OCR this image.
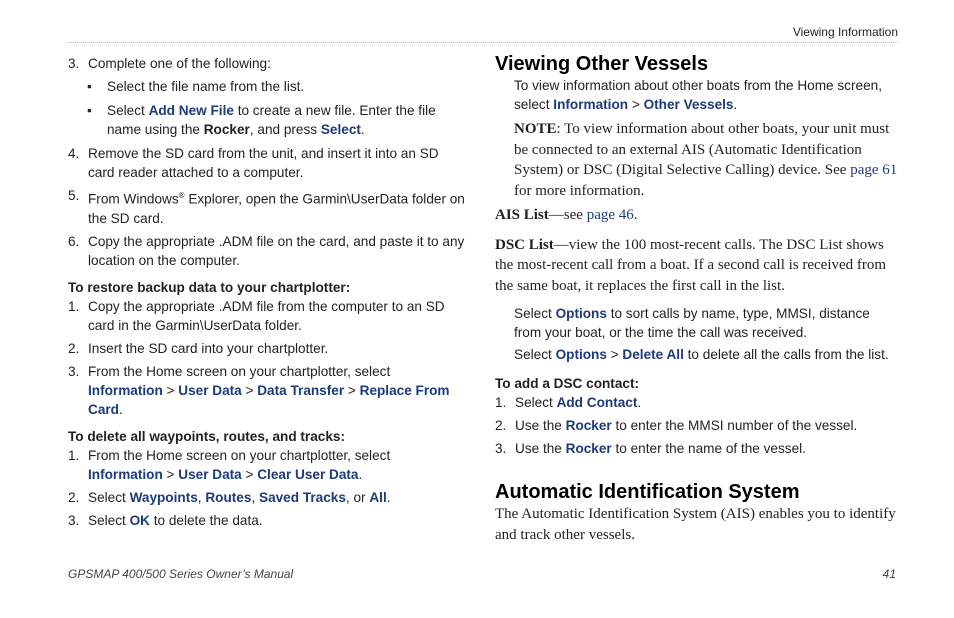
Viewing Information
3. Complete one of the following:
• Select the file name from the list.
• Select Add New File to create a new file. Enter the file name using the Rocker, and press Select.
4. Remove the SD card from the unit, and insert it into an SD card reader attached to a computer.
5. From Windows® Explorer, open the Garmin\UserData folder on the SD card.
6. Copy the appropriate .ADM file on the card, and paste it to any location on the computer.
To restore backup data to your chartplotter:
1. Copy the appropriate .ADM file from the computer to an SD card in the Garmin\UserData folder.
2. Insert the SD card into your chartplotter.
3. From the Home screen on your chartplotter, select Information > User Data > Data Transfer > Replace From Card.
To delete all waypoints, routes, and tracks:
1. From the Home screen on your chartplotter, select Information > User Data > Clear User Data.
2. Select Waypoints, Routes, Saved Tracks, or All.
3. Select OK to delete the data.
Viewing Other Vessels

To view information about other boats from the Home screen, select Information > Other Vessels.

NOTE: To view information about other boats, your unit must be connected to an external AIS (Automatic Identification System) or DSC (Digital Selective Calling) device. See page 61 for more information.

AIS List—see page 46.

DSC List—view the 100 most-recent calls. The DSC List shows the most-recent call from a boat. If a second call is received from the same boat, it replaces the first call in the list.

Select Options to sort calls by name, type, MMSI, distance from your boat, or the time the call was received.

Select Options > Delete All to delete all the calls from the list.

To add a DSC contact:
1. Select Add Contact.
2. Use the Rocker to enter the MMSI number of the vessel.
3. Use the Rocker to enter the name of the vessel.
Automatic Identification System

The Automatic Identification System (AIS) enables you to identify and track other vessels.

GPSMAP 400/500 Series Owner’s Manual	41
